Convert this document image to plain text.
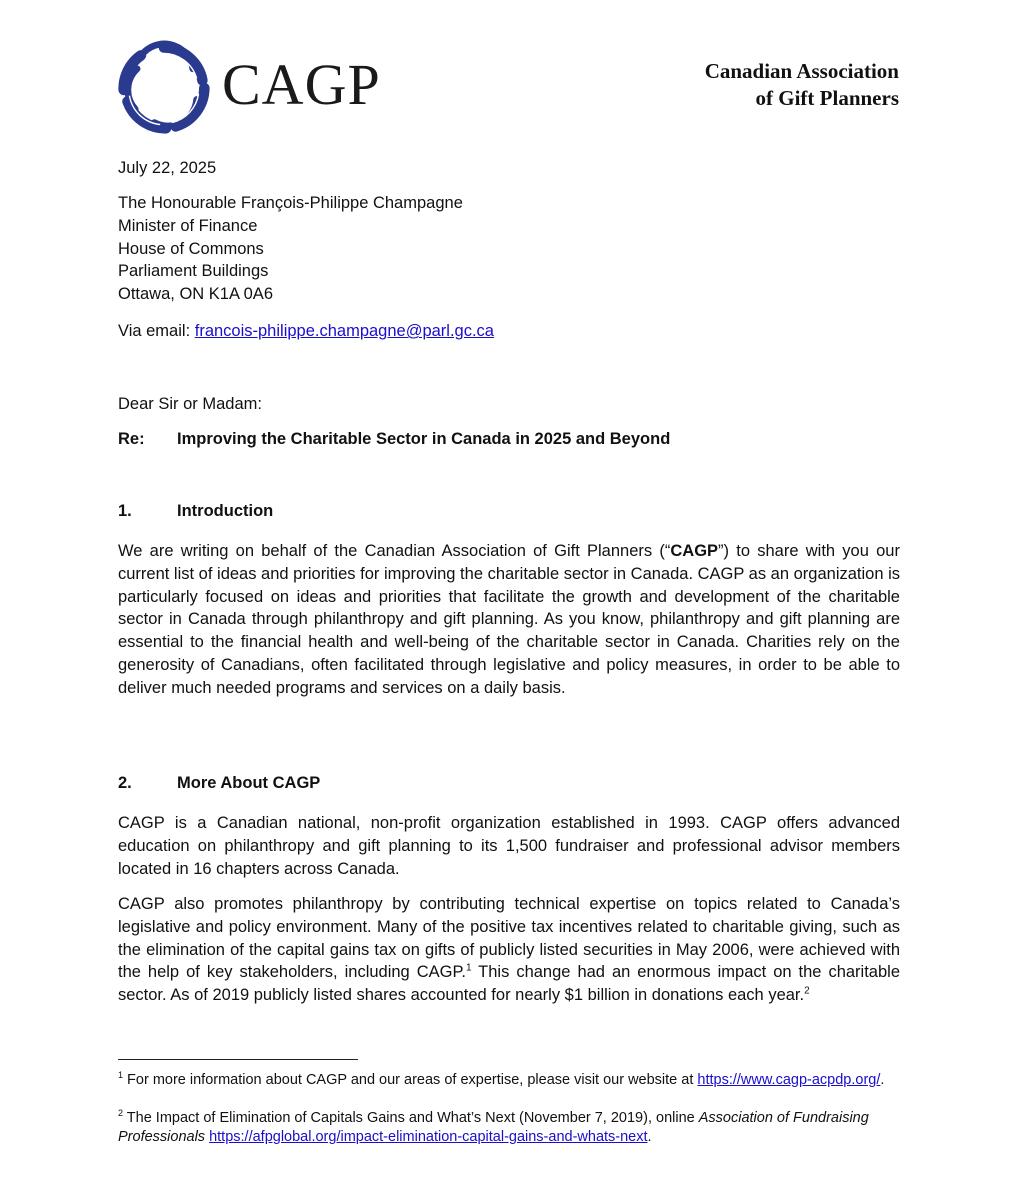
CAGP	Canadian Association
of Gift Planners
July 22, 2025
The Honourable François-Philippe Champagne
Minister of Finance
House of Commons
Parliament Buildings
Ottawa, ON K1A 0A6
Via email: francois-philippe.champagne@parl.gc.ca
Dear Sir or Madam:
Re: Improving the Charitable Sector in Canada in 2025 and Beyond
1.	Introduction
We are writing on behalf of the Canadian Association of Gift Planners (“CAGP”) to share with you our current list of ideas and priorities for improving the charitable sector in Canada. CAGP as an organization is particularly focused on ideas and priorities that facilitate the growth and development of the charitable sector in Canada through philanthropy and gift planning. As you know, philanthropy and gift planning are essential to the financial health and well-being of the charitable sector in Canada. Charities rely on the generosity of Canadians, often facilitated through legislative and policy measures, in order to be able to deliver much needed programs and services on a daily basis.
2.	More About CAGP
CAGP is a Canadian national, non-profit organization established in 1993. CAGP offers advanced education on philanthropy and gift planning to its 1,500 fundraiser and professional advisor members located in 16 chapters across Canada.
CAGP also promotes philanthropy by contributing technical expertise on topics related to Canada’s legislative and policy environment. Many of the positive tax incentives related to charitable giving, such as the elimination of the capital gains tax on gifts of publicly listed securities in May 2006, were achieved with the help of key stakeholders, including CAGP.$^1$ This change had an enormous impact on the charitable sector. As of 2019 publicly listed shares accounted for nearly $1 billion in donations each year.$^2$
$^1$ For more information about CAGP and our areas of expertise, please visit our website at https://www.cagp-acpdp.org/.
$^2$ The Impact of Elimination of Capitals Gains and What’s Next (November 7, 2019), online Association of Fundraising Professionals https://afpglobal.org/impact-elimination-capital-gains-and-whats-next.
